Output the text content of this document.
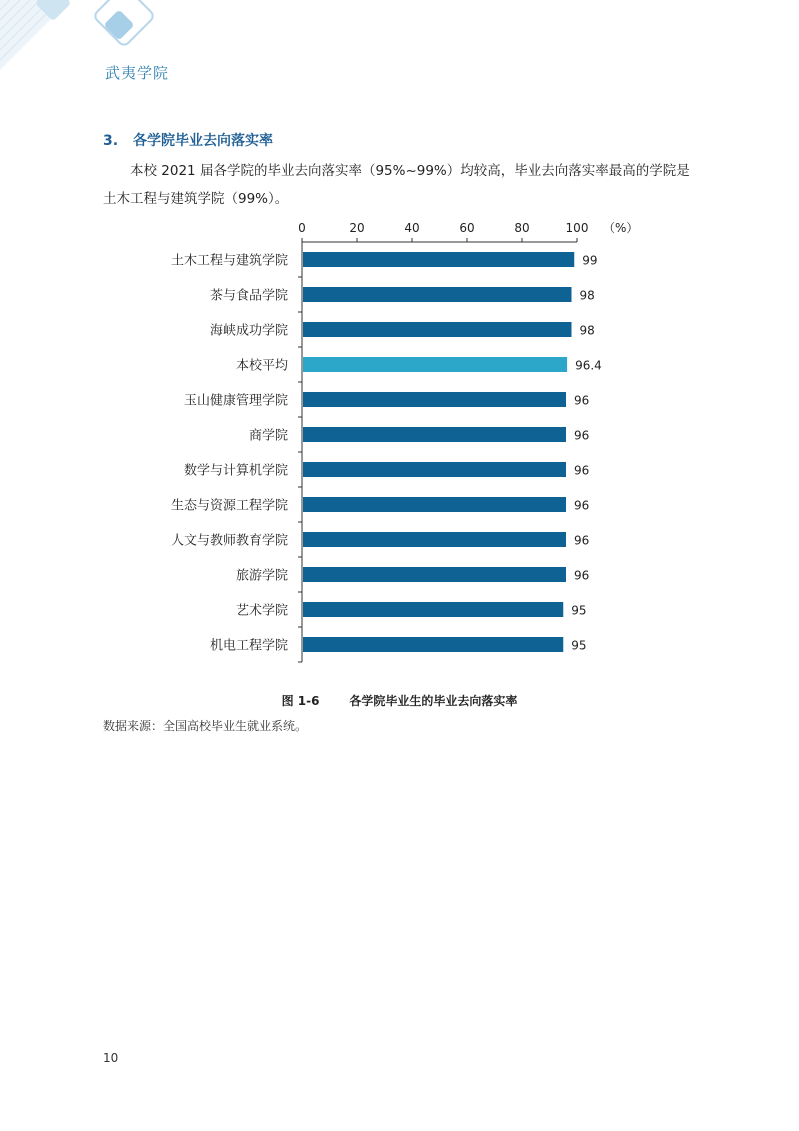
武夷学院
3. 各学院毕业去向落实率
本校 2021 届各学院的毕业去向落实率（95%~99%）均较高，毕业去向落实率最高的学院是
土木工程与建筑学院（99%）。
0	20	40	60	80	100 （%）
土木工程与建筑学院	99
茶与食品学院	98
海峡成功学院	98
本校平均	96.4
玉山健康管理学院	96
商学院	96
数学与计算机学院	96
生态与资源工程学院	96
人文与教师教育学院	96
旅游学院	96
艺术学院	95
机电工程学院	95
图 1-6	各学院毕业生的毕业去向落实率
数据来源：全国高校毕业生就业系统。
10
